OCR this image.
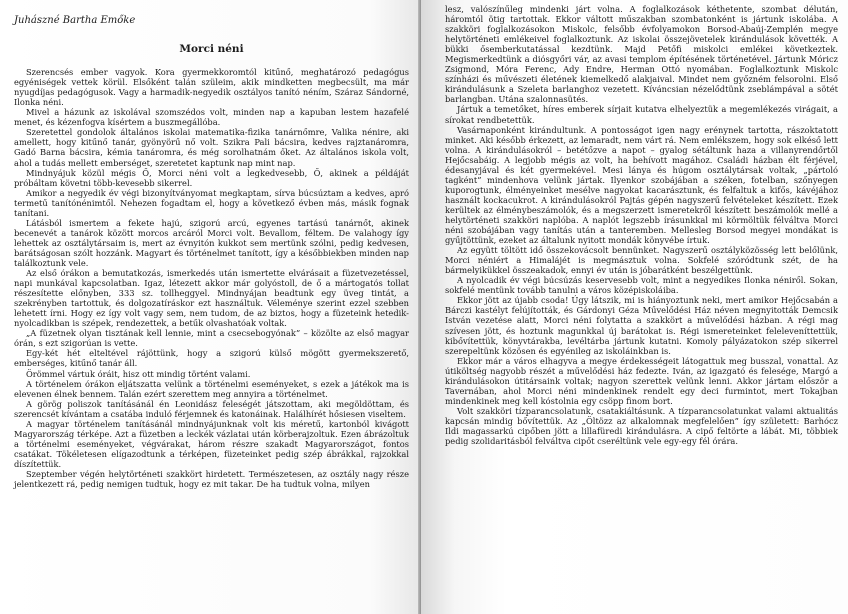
Juhászné Bartha Emőke
Morci néni

Szerencsés ember vagyok. Kora gyermekkoromtól kitűnő, meghatározó pedagógus egyéniségek vettek körül. Elsőként talán szüleim, akik mindketten megbecsült, ma már nyugdíjas pedagógusok. Vagy a harmadik-negyedik osztályos tanító néním, Száraz Sándorné, Ilonka néni.

Mivel a házunk az iskolával szomszédos volt, minden nap a kapuban lestem hazafelé menet, és kézenfogva kísértem a buszmegállóba.

Szeretettel gondolok általános iskolai matematika-fizika tanárnőmre, Valika nénire, aki amellett, hogy kitűnő tanár, gyönyörű nő volt. Szikra Pali bácsira, kedves rajztanáromra, Gadó Barna bácsira, kémia tanáromra, és még sorolhatnám őket. Az általános iskola volt, ahol a tudás mellett emberséget, szeretetet kaptunk nap mint nap.

Mindnyájuk közül mégis Ő, Morci néni volt a legkedvesebb, Ő, akinek a példáját próbáltam követni több-kevesebb sikerrel.

Amikor a negyedik év végi bizonyítványomat megkaptam, sírva búcsúztam a kedves, apró termetű tanítónénimtől. Nehezen fogadtam el, hogy a következő évben más, másik fognak tanítani.

Látásból ismertem a fekete hajú, szigorú arcú, egyenes tartású tanárnőt, akinek becenevét a tanárok között morcos arcáról Morci volt. Bevallom, féltem. De valahogy így lehettek az osztálytársaim is, mert az évnyitón kukkot sem mertünk szólni, pedig kedvesen, barátságosan szólt hozzánk. Magyart és történelmet tanított, így a későbbiekben minden nap találkoztunk vele.

Az első órákon a bemutatkozás, ismerkedés után ismertette elvárásait a füzetvezetéssel, napi munkával kapcsolatban. Igaz, létezett akkor már golyóstoll, de ő a mártogatós tollat részesítette előnyben, 333 sz. tollheggyel. Mindnyájan beadtunk egy üveg tintát, a szekrényben tartottuk, és dolgozatíráskor ezt használtuk. Véleménye szerint ezzel szebben lehetett írni. Hogy ez így volt vagy sem, nem tudom, de az biztos, hogy a füzeteink hetedik-nyolcadikban is szépek, rendezettek, a betűk olvashatóak voltak.

„A füzetnek olyan tisztának kell lennie, mint a csecsebogyónak” – közölte az első magyar órán, s ezt szigorúan is vette.

Egy-két hét elteltével rájöttünk, hogy a szigorú külső mögött gyermekszerető, emberséges, kitűnő tanár áll.

Örömmel vártuk óráit, hisz ott mindig történt valami.

A történelem órákon eljátszatta velünk a történelmi eseményeket, s ezek a játékok ma is elevenen élnek bennem. Talán ezért szerettem meg annyira a történelmet.

A görög poliszok tanításánál én Leonidász feleségét játszottam, aki megöldöttam, és szerencsét kívántam a csatába induló férjemnek és katonáinak. Halálhírét hősiesen viseltem.

A magyar történelem tanításánál mindnyájunknak volt kis méretű, kartonból kivágott Magyarország térképe. Azt a füzetben a leckék vázlatai után körberajzoltuk. Ezen ábrázoltuk a történelmi eseményeket, végvárakat, három részre szakadt Magyarországot, fontos csatákat. Tökéletesen elígazodtunk a térképen, füzeteinket pedig szép ábrákkal, rajzokkal díszítettük.

Szeptember végén helytörténeti szakkört hirdetett. Természetesen, az osztály nagy része jelentkezett rá, pedig nemigen tudtuk, hogy ez mit takar. De ha tudtuk volna, milyen

lesz, valószínűleg mindenki járt volna. A foglalkozások kéthetente, szombat délután, háromtól ötig tartottak. Ekkor váltott műszakban szombatonként is jártunk iskolába. A szakköri foglalkozásokon Miskolc, felsőbb évfolyamokon Borsod-Abaúj-Zemplén megye helytörténeti emlékeivel foglalkoztunk. Az iskolai összejövetelek kirándulások követték. A bükki ősemberkutatással kezdtünk. Majd Petőfi miskolci emlékei következtek. Megismerkedtünk a diósgyőri vár, az avasi templom építésének történetével. Jártunk Móricz Zsigmond, Móra Ferenc, Ady Endre, Herman Ottó nyomában. Foglalkoztunk Miskolc színházi és művészeti életének kiemelkedő alakjaival. Mindet nem győzném felsorolni. Első kirándulásunk a Szeleta barlanghoz vezetett. Kíváncsian nézelődtünk zseblámpával a sötét barlangban. Utána szalonnasütés.

Jártuk a temetőket, híres emberek sírjait kutatva elhelyeztük a megemlékezés virágait, a sírokat rendbetettük.

Vasárnaponként kirándultunk. A pontosságot igen nagy erénynek tartotta, rászoktatott minket. Aki később érkezett, az lemaradt, nem várt rá. Nem emlékszem, hogy sok elkéső lett volna. A kirándulásokról – betétőzve a napot – gyalog sétáltunk haza a villanyrendőrtől Hejőcsabáig. A legjobb mégis az volt, ha behívott magához. Családi házban élt férjével, édesanyjával és két gyermekével. Mesi lánya és húgom osztálytársak voltak, „pártoló tagként” mindenhova velünk jártak. Ilyenkor szobájában a széken, fotelban, szőnyegen kuporogtunk, élményeinket mesélve nagyokat kacarásztunk, és felfaltuk a kifős, kávéjához használt kockacukrot. A kirándulásokról Pajtás gépén nagyszerű felvételeket készített. Ezek kerültek az élménybeszámolók, és a megszerzett ismeretekről készített beszámolók mellé a helytörténeti szakköri naplóba. A naplót legszebb írásunkkal mi körmöltük félváltva Morci néni szobájában vagy tanítás után a tanteremben. Mellesleg Borsod megyei mondákat is gyűjtöttünk, ezeket az általunk nyitott mondák könyvébe írtuk.

Az együtt töltött idő összekovácsolt bennünket. Nagyszerű osztályközösség lett belőlünk, Morci néniért a Himalájét is megmásztuk volna. Sokfelé szóródtunk szét, de ha bármelyikükkel összeakadok, ennyi év után is jóbarátként beszélgettünk.

A nyolcadik év végi búcsúzás keservesebb volt, mint a negyedikes Ilonka néniről. Sokan, sokfelé mentünk tovább tanulni a város középiskoláiba.

Ekkor jött az újabb csoda! Úgy látszik, mi is hiányoztunk neki, mert amikor Hejőcsabán a Bárczi kastélyt felújították, és Gárdonyi Géza Művelődési Ház néven megnyitották Demcsik István vezetése alatt, Morci néni folytatta a szakkört a művelődési házban. A régi mag szívesen jött, és hoztunk magunkkal új barátokat is. Régi ismereteinket feleleveníttettük, kibővítettük, könyvtárakba, levéltárba jártunk kutatni. Komoly pályázatokon szép sikerrel szerepeltünk közösen és egyénileg az iskoláinkban is.

Ekkor már a város elhagyva a megye érdekességeit látogattuk meg busszal, vonattal. Az útiköltség nagyobb részét a művelődési ház fedezte. Iván, az igazgató és felesége, Margó a kirándulásokon útitársaink voltak; nagyon szerettek velünk lenni. Akkor jártam először a Tavernában, ahol Morci néni mindenkinek rendelt egy deci furmintot, mert Tokajban mindenkinek meg kell kóstolnia egy csöpp finom bort.

Volt szakköri tízparancsolatunk, csatakiáltásunk. A tízparancsolatunkat valami aktualitás kapcsán mindig bővítettük. Az „Öltözz az alkalomnak megfelelően” így született: Barhócz Ildi magassarkú cipőben jött a lillafüredi kirándulásra. A cipő feltörte a lábát. Mi, többiek pedig szolidaritásból felváltva cipőt cseréltünk vele egy-egy fél órára.
